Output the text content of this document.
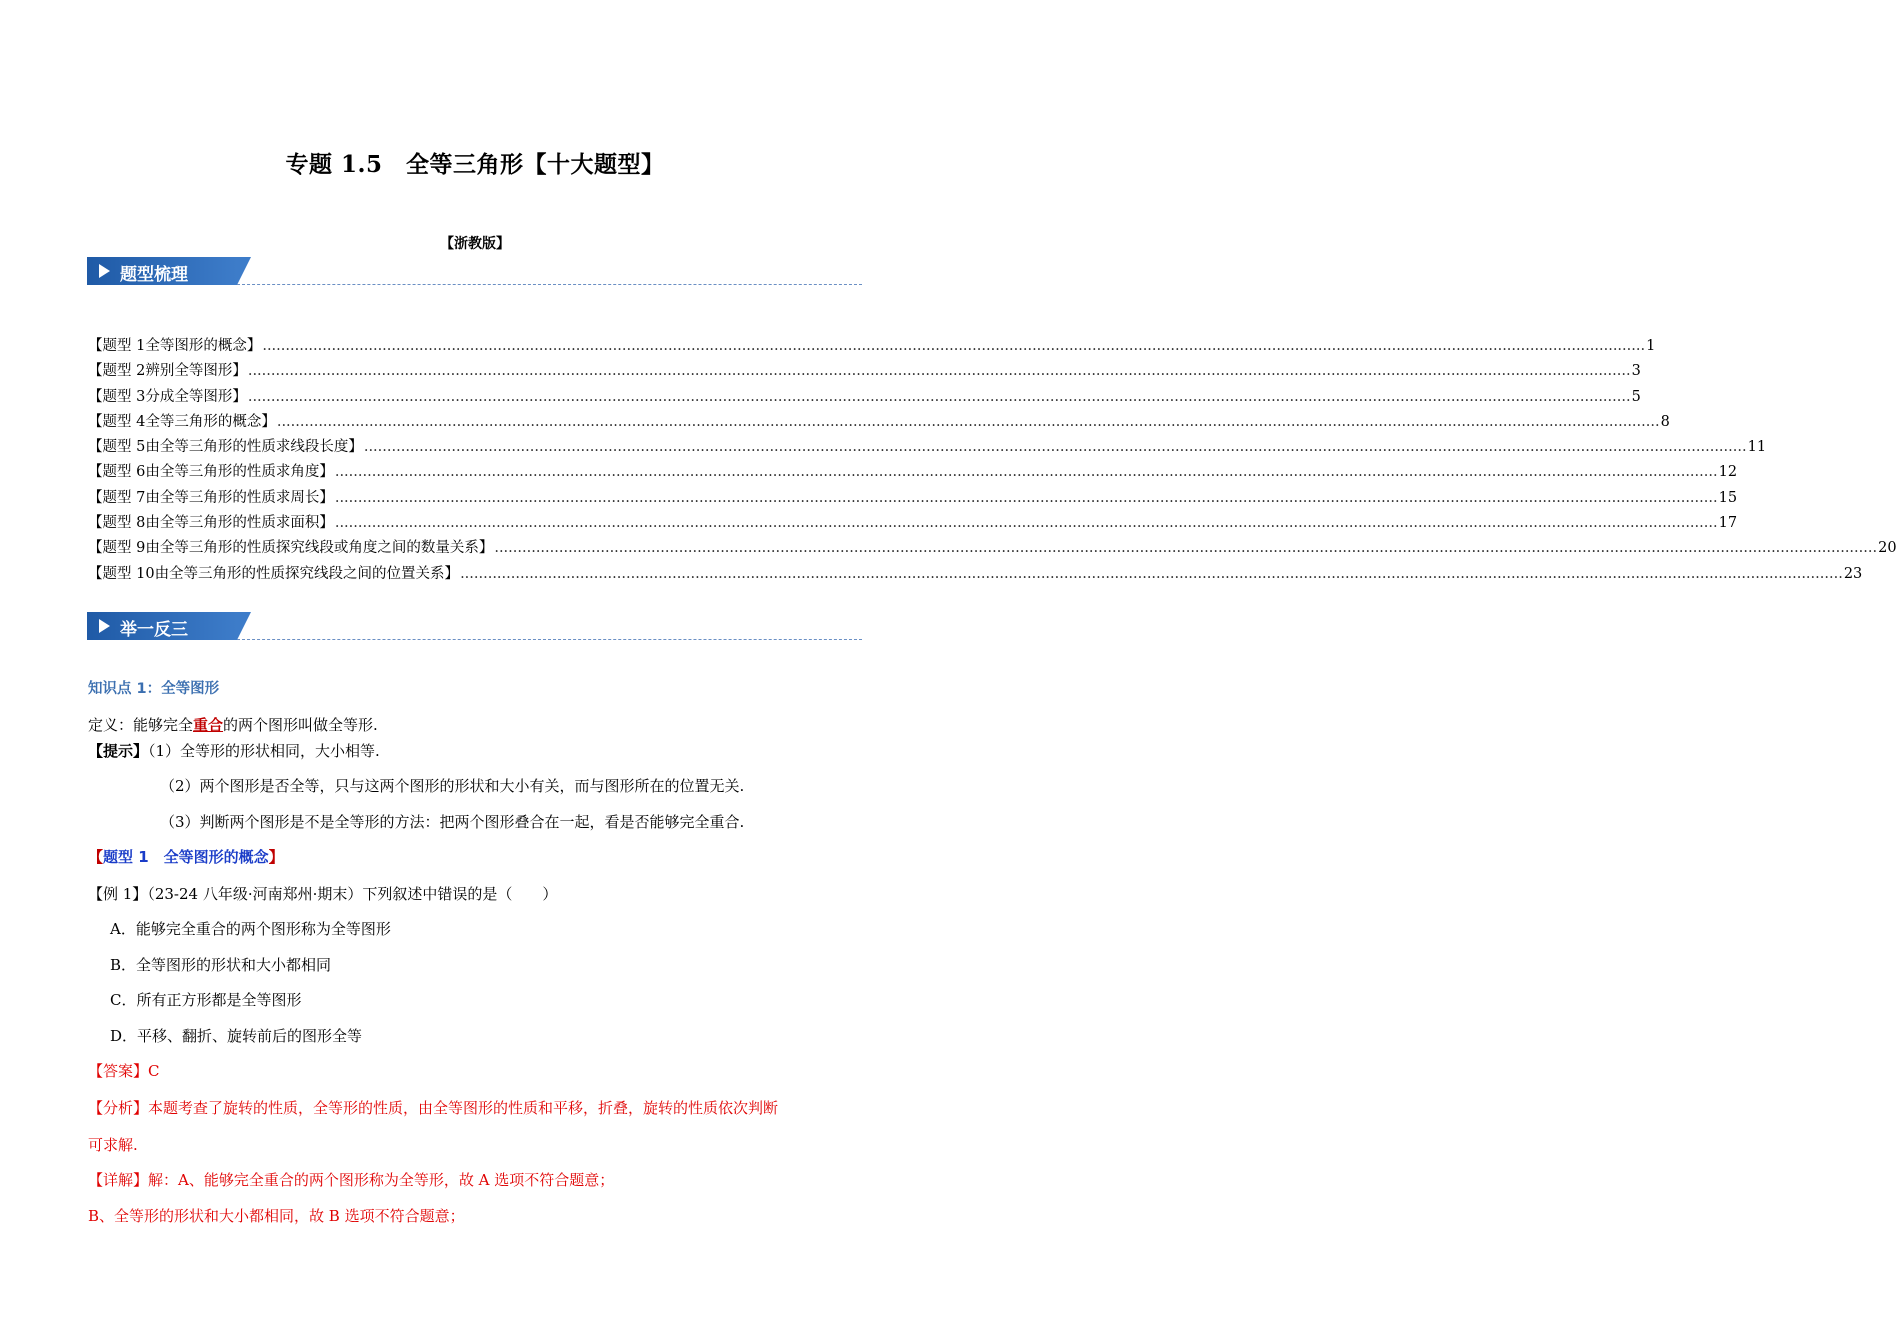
专题 1.5　全等三角形【十大题型】
【浙教版】
题型梳理
【题型 1 全等图形的概念】 ............................................................................................................................................................................................................................................................................................................ 1
【题型 2 辨别全等图形】 ............................................................................................................................................................................................................................................................................................................ 3
【题型 3 分成全等图形】 ............................................................................................................................................................................................................................................................................................................ 5
【题型 4 全等三角形的概念】 ............................................................................................................................................................................................................................................................................................................ 8
【题型 5 由全等三角形的性质求线段长度】 ............................................................................................................................................................................................................................................................................................................ 11
【题型 6 由全等三角形的性质求角度】 ............................................................................................................................................................................................................................................................................................................ 12
【题型 7 由全等三角形的性质求周长】 ............................................................................................................................................................................................................................................................................................................ 15
【题型 8 由全等三角形的性质求面积】 ............................................................................................................................................................................................................................................................................................................ 17
【题型 9 由全等三角形的性质探究线段或角度之间的数量关系】 ............................................................................................................................................................................................................................................................................................................ 20
【题型 10 由全等三角形的性质探究线段之间的位置关系】 ............................................................................................................................................................................................................................................................................................................ 23
举一反三
知识点 1：全等图形
定义：能够完全重合的两个图形叫做全等形.
【提示】（1）全等形的形状相同，大小相等.
（2）两个图形是否全等，只与这两个图形的形状和大小有关，而与图形所在的位置无关.
（3）判断两个图形是不是全等形的方法：把两个图形叠合在一起，看是否能够完全重合.
【题型 1　全等图形的概念】
【例 1】（23-24 八年级·河南郑州·期末）下列叙述中错误的是（　　）
A．能够完全重合的两个图形称为全等图形
B．全等图形的形状和大小都相同
C．所有正方形都是全等图形
D．平移、翻折、旋转前后的图形全等
【答案】C
【分析】本题考查了旋转的性质，全等形的性质，由全等图形的性质和平移，折叠，旋转的性质依次判断
可求解.
【详解】解：A、能够完全重合的两个图形称为全等形，故 A 选项不符合题意；
B、全等形的形状和大小都相同，故 B 选项不符合题意；
